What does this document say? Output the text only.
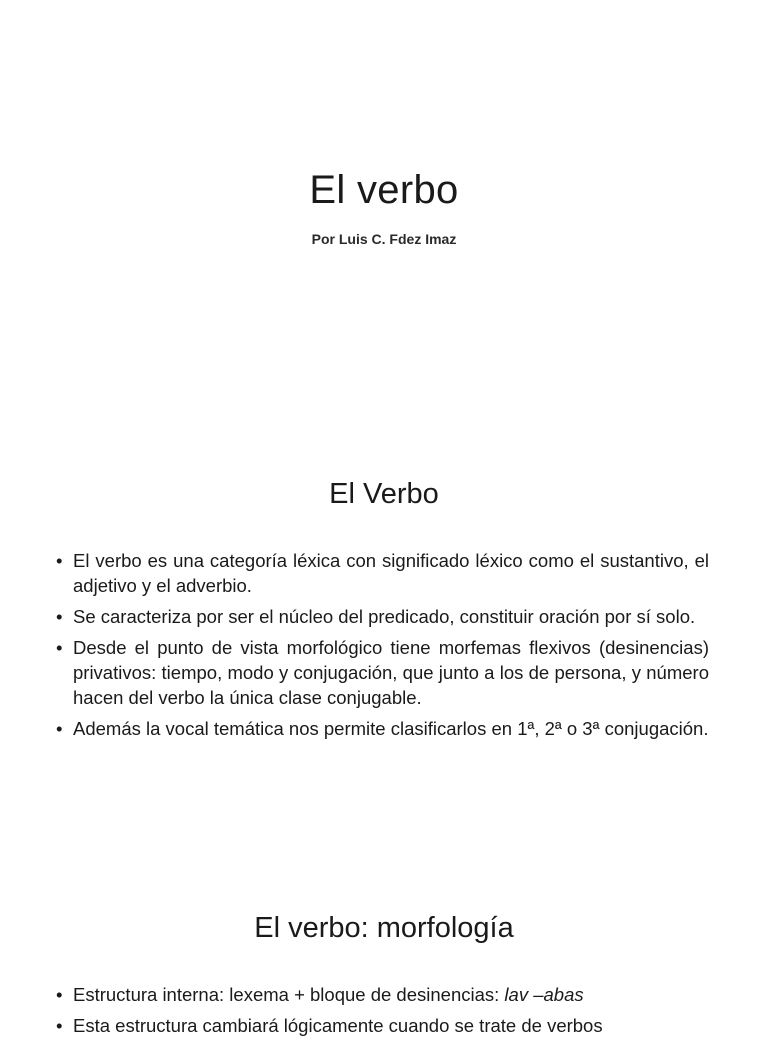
El verbo
Por Luis C. Fdez Imaz
El Verbo
• El verbo es una categoría léxica con significado léxico como el sustantivo, el adjetivo y el adverbio.
• Se caracteriza por ser el núcleo del predicado, constituir oración por sí solo.
• Desde el punto de vista morfológico tiene morfemas flexivos (desinencias) privativos: tiempo, modo y conjugación, que junto a los de persona, y número hacen del verbo la única clase conjugable.
• Además la vocal temática nos permite clasificarlos en 1ª, 2ª o 3ª conjugación.
El verbo: morfología
• Estructura interna: lexema + bloque de desinencias: lav –abas
• Esta estructura cambiará lógicamente cuando se trate de verbos
